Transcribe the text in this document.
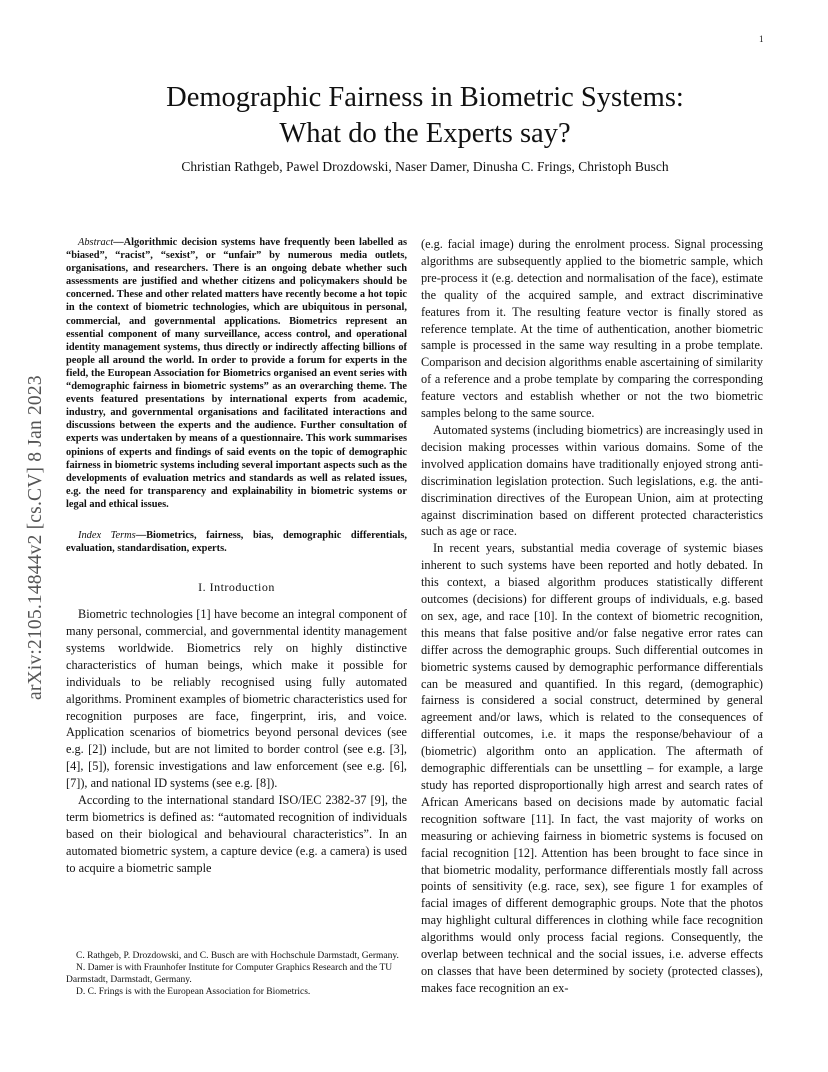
1
arXiv:2105.14844v2 [cs.CV] 8 Jan 2023
Demographic Fairness in Biometric Systems:
What do the Experts say?
Christian Rathgeb, Pawel Drozdowski, Naser Damer, Dinusha C. Frings, Christoph Busch

Abstract—Algorithmic decision systems have frequently been labelled as “biased”, “racist”, “sexist”, or “unfair” by numerous media outlets, organisations, and researchers. There is an ongoing debate whether such assessments are justified and whether citizens and policymakers should be concerned. These and other related matters have recently become a hot topic in the context of biometric technologies, which are ubiquitous in personal, commercial, and governmental applications. Biometrics represent an essential component of many surveillance, access control, and operational identity management systems, thus directly or indirectly affecting billions of people all around the world. In order to provide a forum for experts in the field, the European Association for Biometrics organised an event series with “demographic fairness in biometric systems” as an overarching theme. The events featured presentations by international experts from academic, industry, and governmental organisations and facilitated interactions and discussions between the experts and the audience. Further consultation of experts was undertaken by means of a questionnaire. This work summarises opinions of experts and findings of said events on the topic of demographic fairness in biometric systems including several important aspects such as the developments of evaluation metrics and standards as well as related issues, e.g. the need for transparency and explainability in biometric systems or legal and ethical issues.

Index Terms—Biometrics, fairness, bias, demographic differentials, evaluation, standardisation, experts.

I. Introduction

Biometric technologies [1] have become an integral component of many personal, commercial, and governmental identity management systems worldwide. Biometrics rely on highly distinctive characteristics of human beings, which make it possible for individuals to be reliably recognised using fully automated algorithms. Prominent examples of biometric characteristics used for recognition purposes are face, fingerprint, iris, and voice. Application scenarios of biometrics beyond personal devices (see e.g. [2]) include, but are not limited to border control (see e.g. [3], [4], [5]), forensic investigations and law enforcement (see e.g. [6], [7]), and national ID systems (see e.g. [8]).

According to the international standard ISO/IEC 2382-37 [9], the term biometrics is defined as: “automated recognition of individuals based on their biological and behavioural characteristics”. In an automated biometric system, a capture device (e.g. a camera) is used to acquire a biometric sample

C. Rathgeb, P. Drozdowski, and C. Busch are with Hochschule Darmstadt, Germany.

N. Damer is with Fraunhofer Institute for Computer Graphics Research and the TU Darmstadt, Darmstadt, Germany.

D. C. Frings is with the European Association for Biometrics.

(e.g. facial image) during the enrolment process. Signal processing algorithms are subsequently applied to the biometric sample, which pre-process it (e.g. detection and normalisation of the face), estimate the quality of the acquired sample, and extract discriminative features from it. The resulting feature vector is finally stored as reference template. At the time of authentication, another biometric sample is processed in the same way resulting in a probe template. Comparison and decision algorithms enable ascertaining of similarity of a reference and a probe template by comparing the corresponding feature vectors and establish whether or not the two biometric samples belong to the same source.

Automated systems (including biometrics) are increasingly used in decision making processes within various domains. Some of the involved application domains have traditionally enjoyed strong anti-discrimination legislation protection. Such legislations, e.g. the anti-discrimination directives of the European Union, aim at protecting against discrimination based on different protected characteristics such as age or race.

In recent years, substantial media coverage of systemic biases inherent to such systems have been reported and hotly debated. In this context, a biased algorithm produces statistically different outcomes (decisions) for different groups of individuals, e.g. based on sex, age, and race [10]. In the context of biometric recognition, this means that false positive and/or false negative error rates can differ across the demographic groups. Such differential outcomes in biometric systems caused by demographic performance differentials can be measured and quantified. In this regard, (demographic) fairness is considered a social construct, determined by general agreement and/or laws, which is related to the consequences of differential outcomes, i.e. it maps the response/behaviour of a (biometric) algorithm onto an application. The aftermath of demographic differentials can be unsettling – for example, a large study has reported disproportionally high arrest and search rates of African Americans based on decisions made by automatic facial recognition software [11]. In fact, the vast majority of works on measuring or achieving fairness in biometric systems is focused on facial recognition [12]. Attention has been brought to face since in that biometric modality, performance differentials mostly fall across points of sensitivity (e.g. race, sex), see figure 1 for examples of facial images of different demographic groups. Note that the photos may highlight cultural differences in clothing while face recognition algorithms would only process facial regions. Consequently, the overlap between technical and the social issues, i.e. adverse effects on classes that have been determined by society (protected classes), makes face recognition an ex-
